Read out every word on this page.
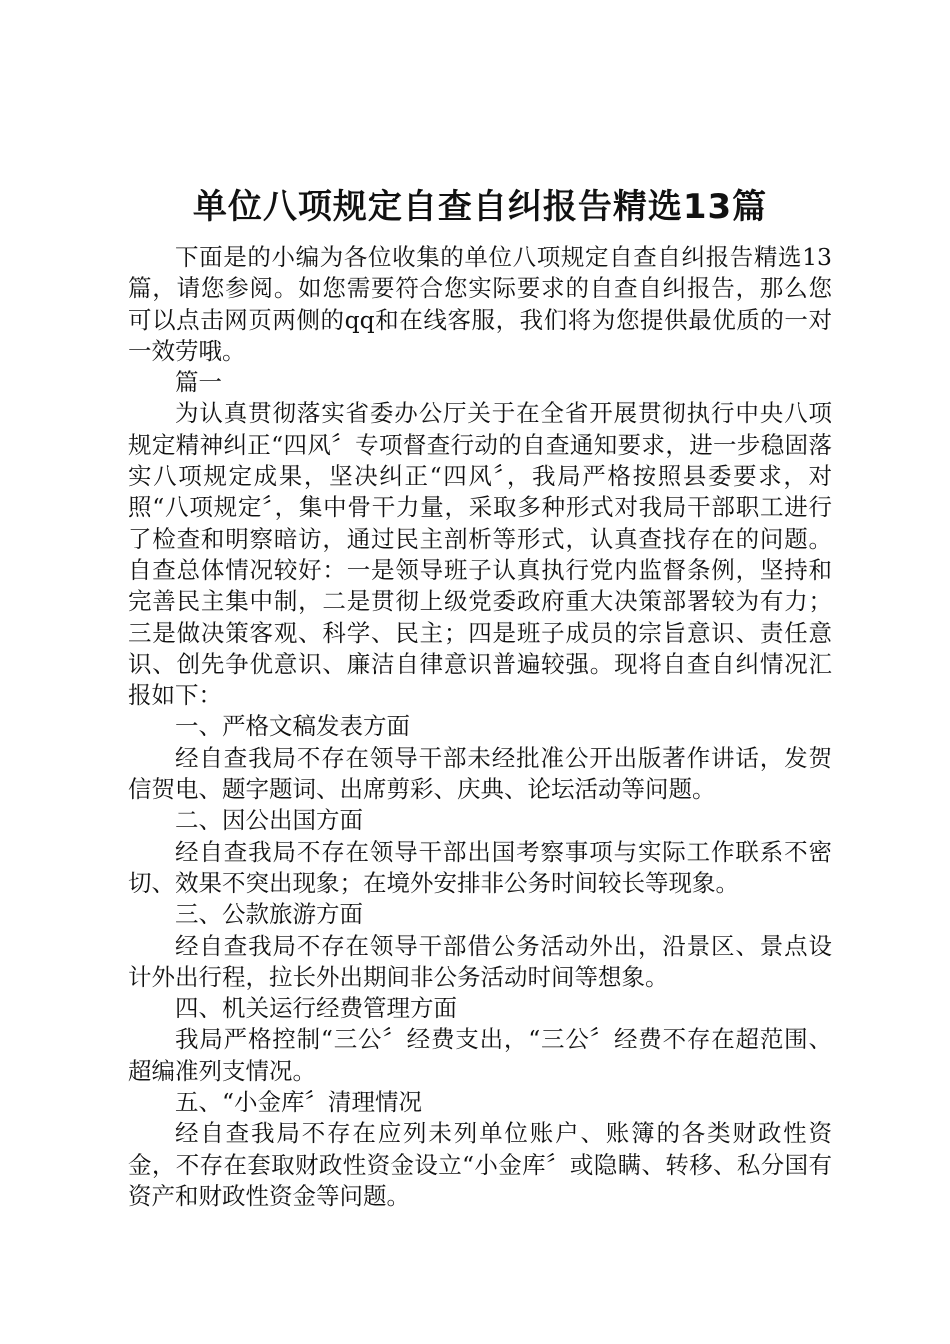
单位八项规定自查自纠报告精选13篇

下面是的小编为各位收集的单位八项规定自查自纠报告精选13篇，请您参阅。如您需要符合您实际要求的自查自纠报告，那么您可以点击网页两侧的qq和在线客服，我们将为您提供最优质的一对一效劳哦。

篇一

为认真贯彻落实省委办公厅关于在全省开展贯彻执行中央八项规定精神纠正“四风〞专项督查行动的自查通知要求，进一步稳固落实八项规定成果，坚决纠正“四风〞，我局严格按照县委要求，对照“八项规定〞，集中骨干力量，采取多种形式对我局干部职工进行了检查和明察暗访，通过民主剖析等形式，认真查找存在的问题。自查总体情况较好：一是领导班子认真执行党内监督条例，坚持和完善民主集中制，二是贯彻上级党委政府重大决策部署较为有力；三是做决策客观、科学、民主；四是班子成员的宗旨意识、责任意识、创先争优意识、廉洁自律意识普遍较强。现将自查自纠情况汇报如下：

一、严格文稿发表方面

经自查我局不存在领导干部未经批准公开出版著作讲话，发贺信贺电、题字题词、出席剪彩、庆典、论坛活动等问题。

二、因公出国方面

经自查我局不存在领导干部出国考察事项与实际工作联系不密切、效果不突出现象；在境外安排非公务时间较长等现象。

三、公款旅游方面

经自查我局不存在领导干部借公务活动外出，沿景区、景点设计外出行程，拉长外出期间非公务活动时间等想象。

四、机关运行经费管理方面

我局严格控制“三公〞经费支出，“三公〞经费不存在超范围、超编准列支情况。

五、“小金库〞清理情况

经自查我局不存在应列未列单位账户、账簿的各类财政性资金，不存在套取财政性资金设立“小金库〞或隐瞒、转移、私分国有资产和财政性资金等问题。
